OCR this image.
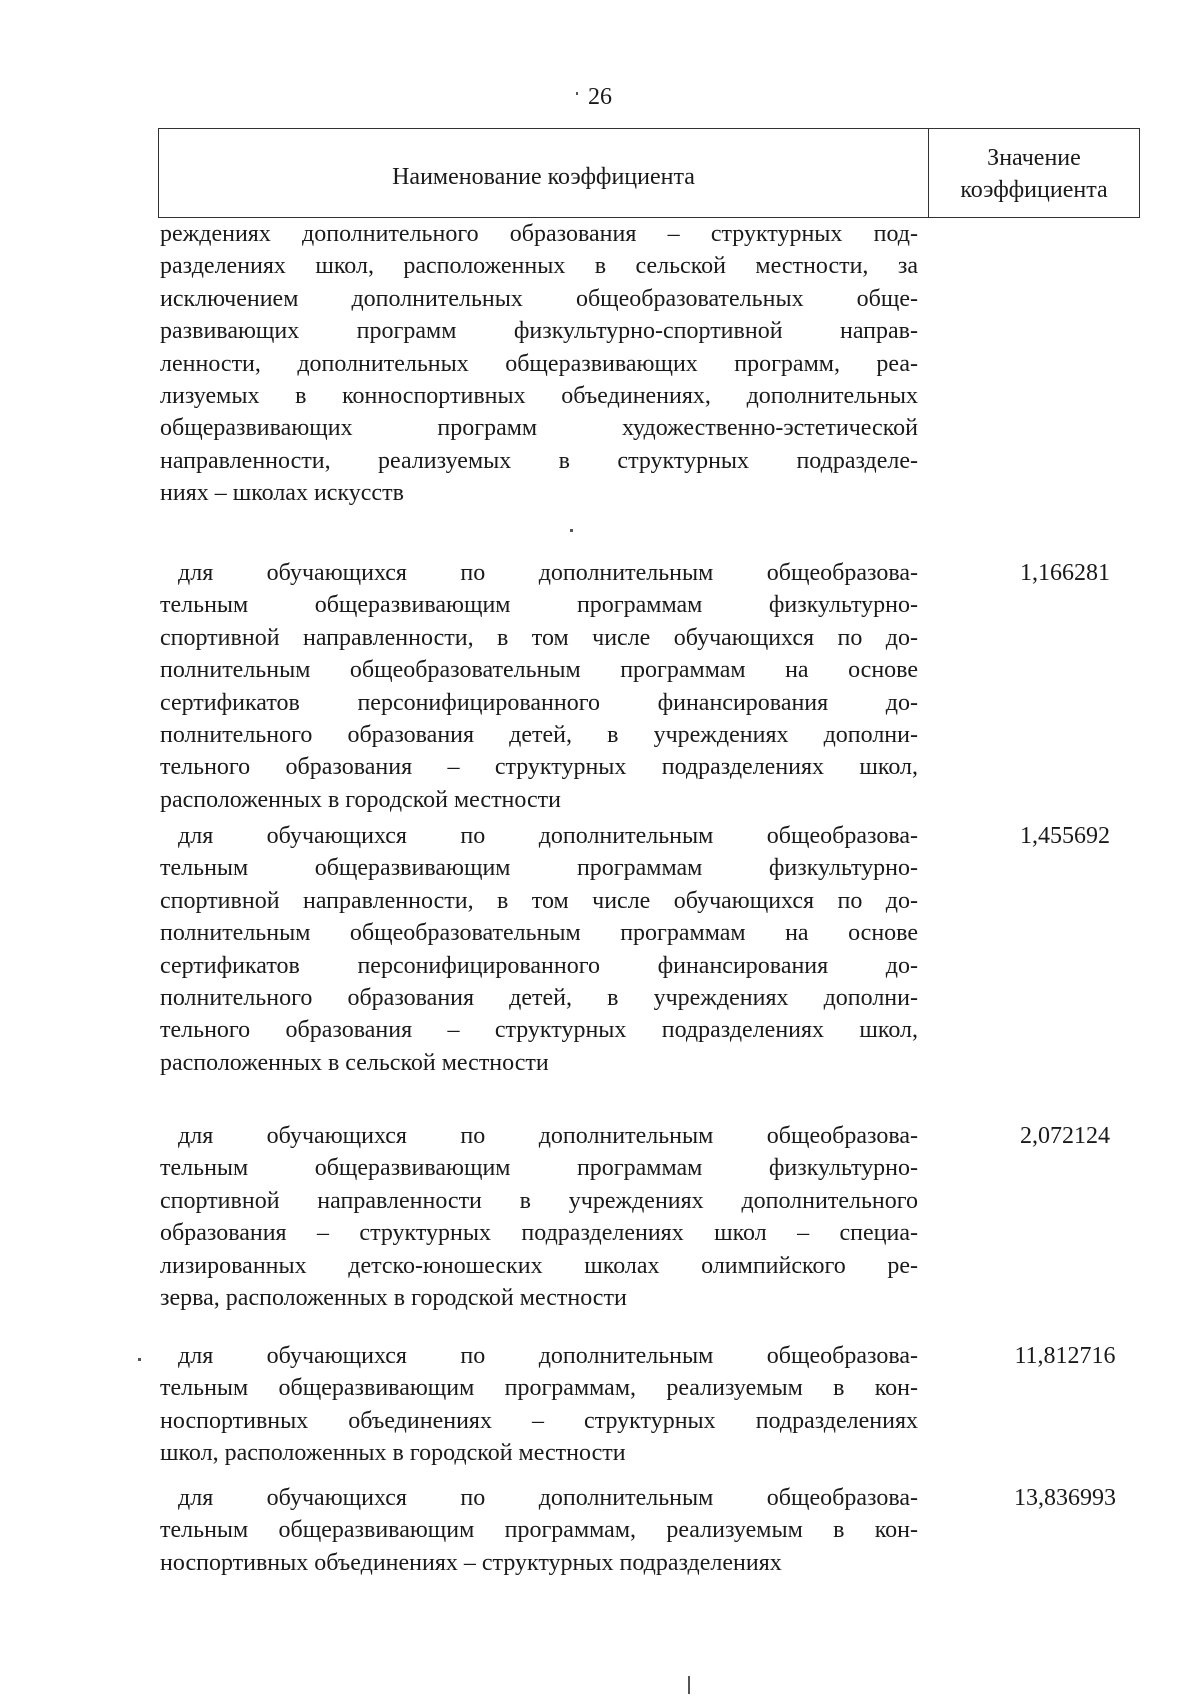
26
Наименование коэффициента
Значение
коэффициента
реждениях дополнительного образования – структурных под-
разделениях школ, расположенных в сельской местности, за
исключением дополнительных общеобразовательных обще-
развивающих программ физкультурно-спортивной направ-
ленности, дополнительных общеразвивающих программ, реа-
лизуемых в конноспортивных объединениях, дополнительных
общеразвивающих программ художественно-эстетической
направленности, реализуемых в структурных подразделе-
ниях – школах искусств
для обучающихся по дополнительным общеобразова-
тельным общеразвивающим программам физкультурно-
спортивной направленности, в том числе обучающихся по до-
полнительным общеобразовательным программам на основе
сертификатов персонифицированного финансирования до-
полнительного образования детей, в учреждениях дополни-
тельного образования – структурных подразделениях школ,
расположенных в городской местности
1,166281
для обучающихся по дополнительным общеобразова-
тельным общеразвивающим программам физкультурно-
спортивной направленности, в том числе обучающихся по до-
полнительным общеобразовательным программам на основе
сертификатов персонифицированного финансирования до-
полнительного образования детей, в учреждениях дополни-
тельного образования – структурных подразделениях школ,
расположенных в сельской местности
1,455692
для обучающихся по дополнительным общеобразова-
тельным общеразвивающим программам физкультурно-
спортивной направленности в учреждениях дополнительного
образования – структурных подразделениях школ – специа-
лизированных детско-юношеских школах олимпийского ре-
зерва, расположенных в городской местности
2,072124
для обучающихся по дополнительным общеобразова-
тельным общеразвивающим программам, реализуемым в кон-
носпортивных объединениях – структурных подразделениях
школ, расположенных в городской местности
11,812716
для обучающихся по дополнительным общеобразова-
тельным общеразвивающим программам, реализуемым в кон-
носпортивных объединениях – структурных подразделениях
13,836993
